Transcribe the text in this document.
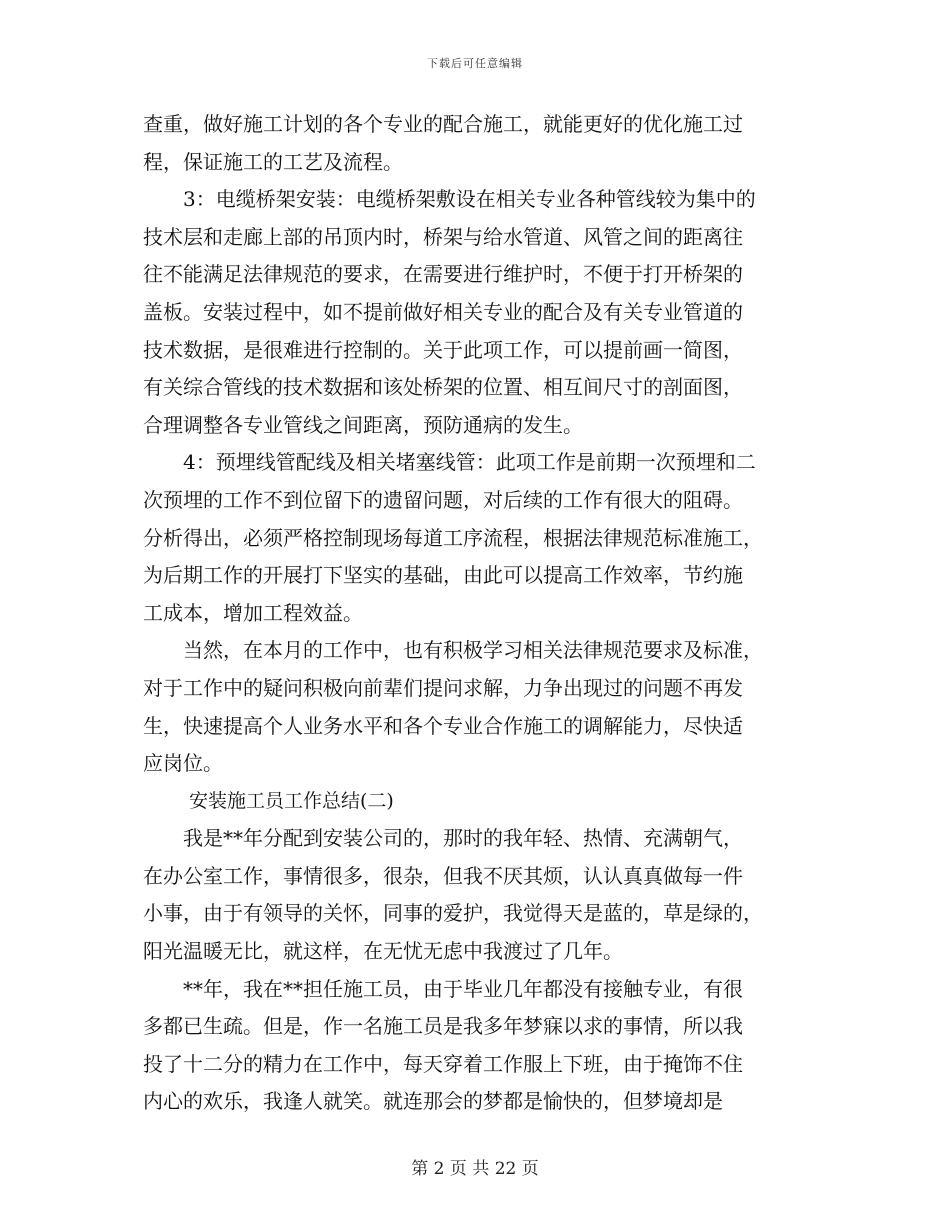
下载后可任意编辑
查重，做好施工计划的各个专业的配合施工，就能更好的优化施工过
程，保证施工的工艺及流程。
　　3：电缆桥架安装：电缆桥架敷设在相关专业各种管线较为集中的
技术层和走廊上部的吊顶内时，桥架与给水管道、风管之间的距离往
往不能满足法律规范的要求，在需要进行维护时，不便于打开桥架的
盖板。安装过程中，如不提前做好相关专业的配合及有关专业管道的
技术数据，是很难进行控制的。关于此项工作，可以提前画一简图，
有关综合管线的技术数据和该处桥架的位置、相互间尺寸的剖面图，
合理调整各专业管线之间距离，预防通病的发生。
　　4：预埋线管配线及相关堵塞线管：此项工作是前期一次预埋和二
次预埋的工作不到位留下的遗留问题，对后续的工作有很大的阻碍。
分析得出，必须严格控制现场每道工序流程，根据法律规范标准施工，
为后期工作的开展打下坚实的基础，由此可以提高工作效率，节约施
工成本，增加工程效益。
　　当然，在本月的工作中，也有积极学习相关法律规范要求及标准，
对于工作中的疑问积极向前辈们提问求解，力争出现过的问题不再发
生，快速提高个人业务水平和各个专业合作施工的调解能力，尽快适
应岗位。
安装施工员工作总结(二)
　　我是**年分配到安装公司的，那时的我年轻、热情、充满朝气，
在办公室工作，事情很多，很杂，但我不厌其烦，认认真真做每一件
小事，由于有领导的关怀，同事的爱护，我觉得天是蓝的，草是绿的，
阳光温暖无比，就这样，在无忧无虑中我渡过了几年。
　　**年，我在**担任施工员，由于毕业几年都没有接触专业，有很
多都已生疏。但是，作一名施工员是我多年梦寐以求的事情，所以我
投了十二分的精力在工作中，每天穿着工作服上下班，由于掩饰不住
内心的欢乐，我逢人就笑。就连那会的梦都是愉快的，但梦境却是
第 2 页 共 22 页
